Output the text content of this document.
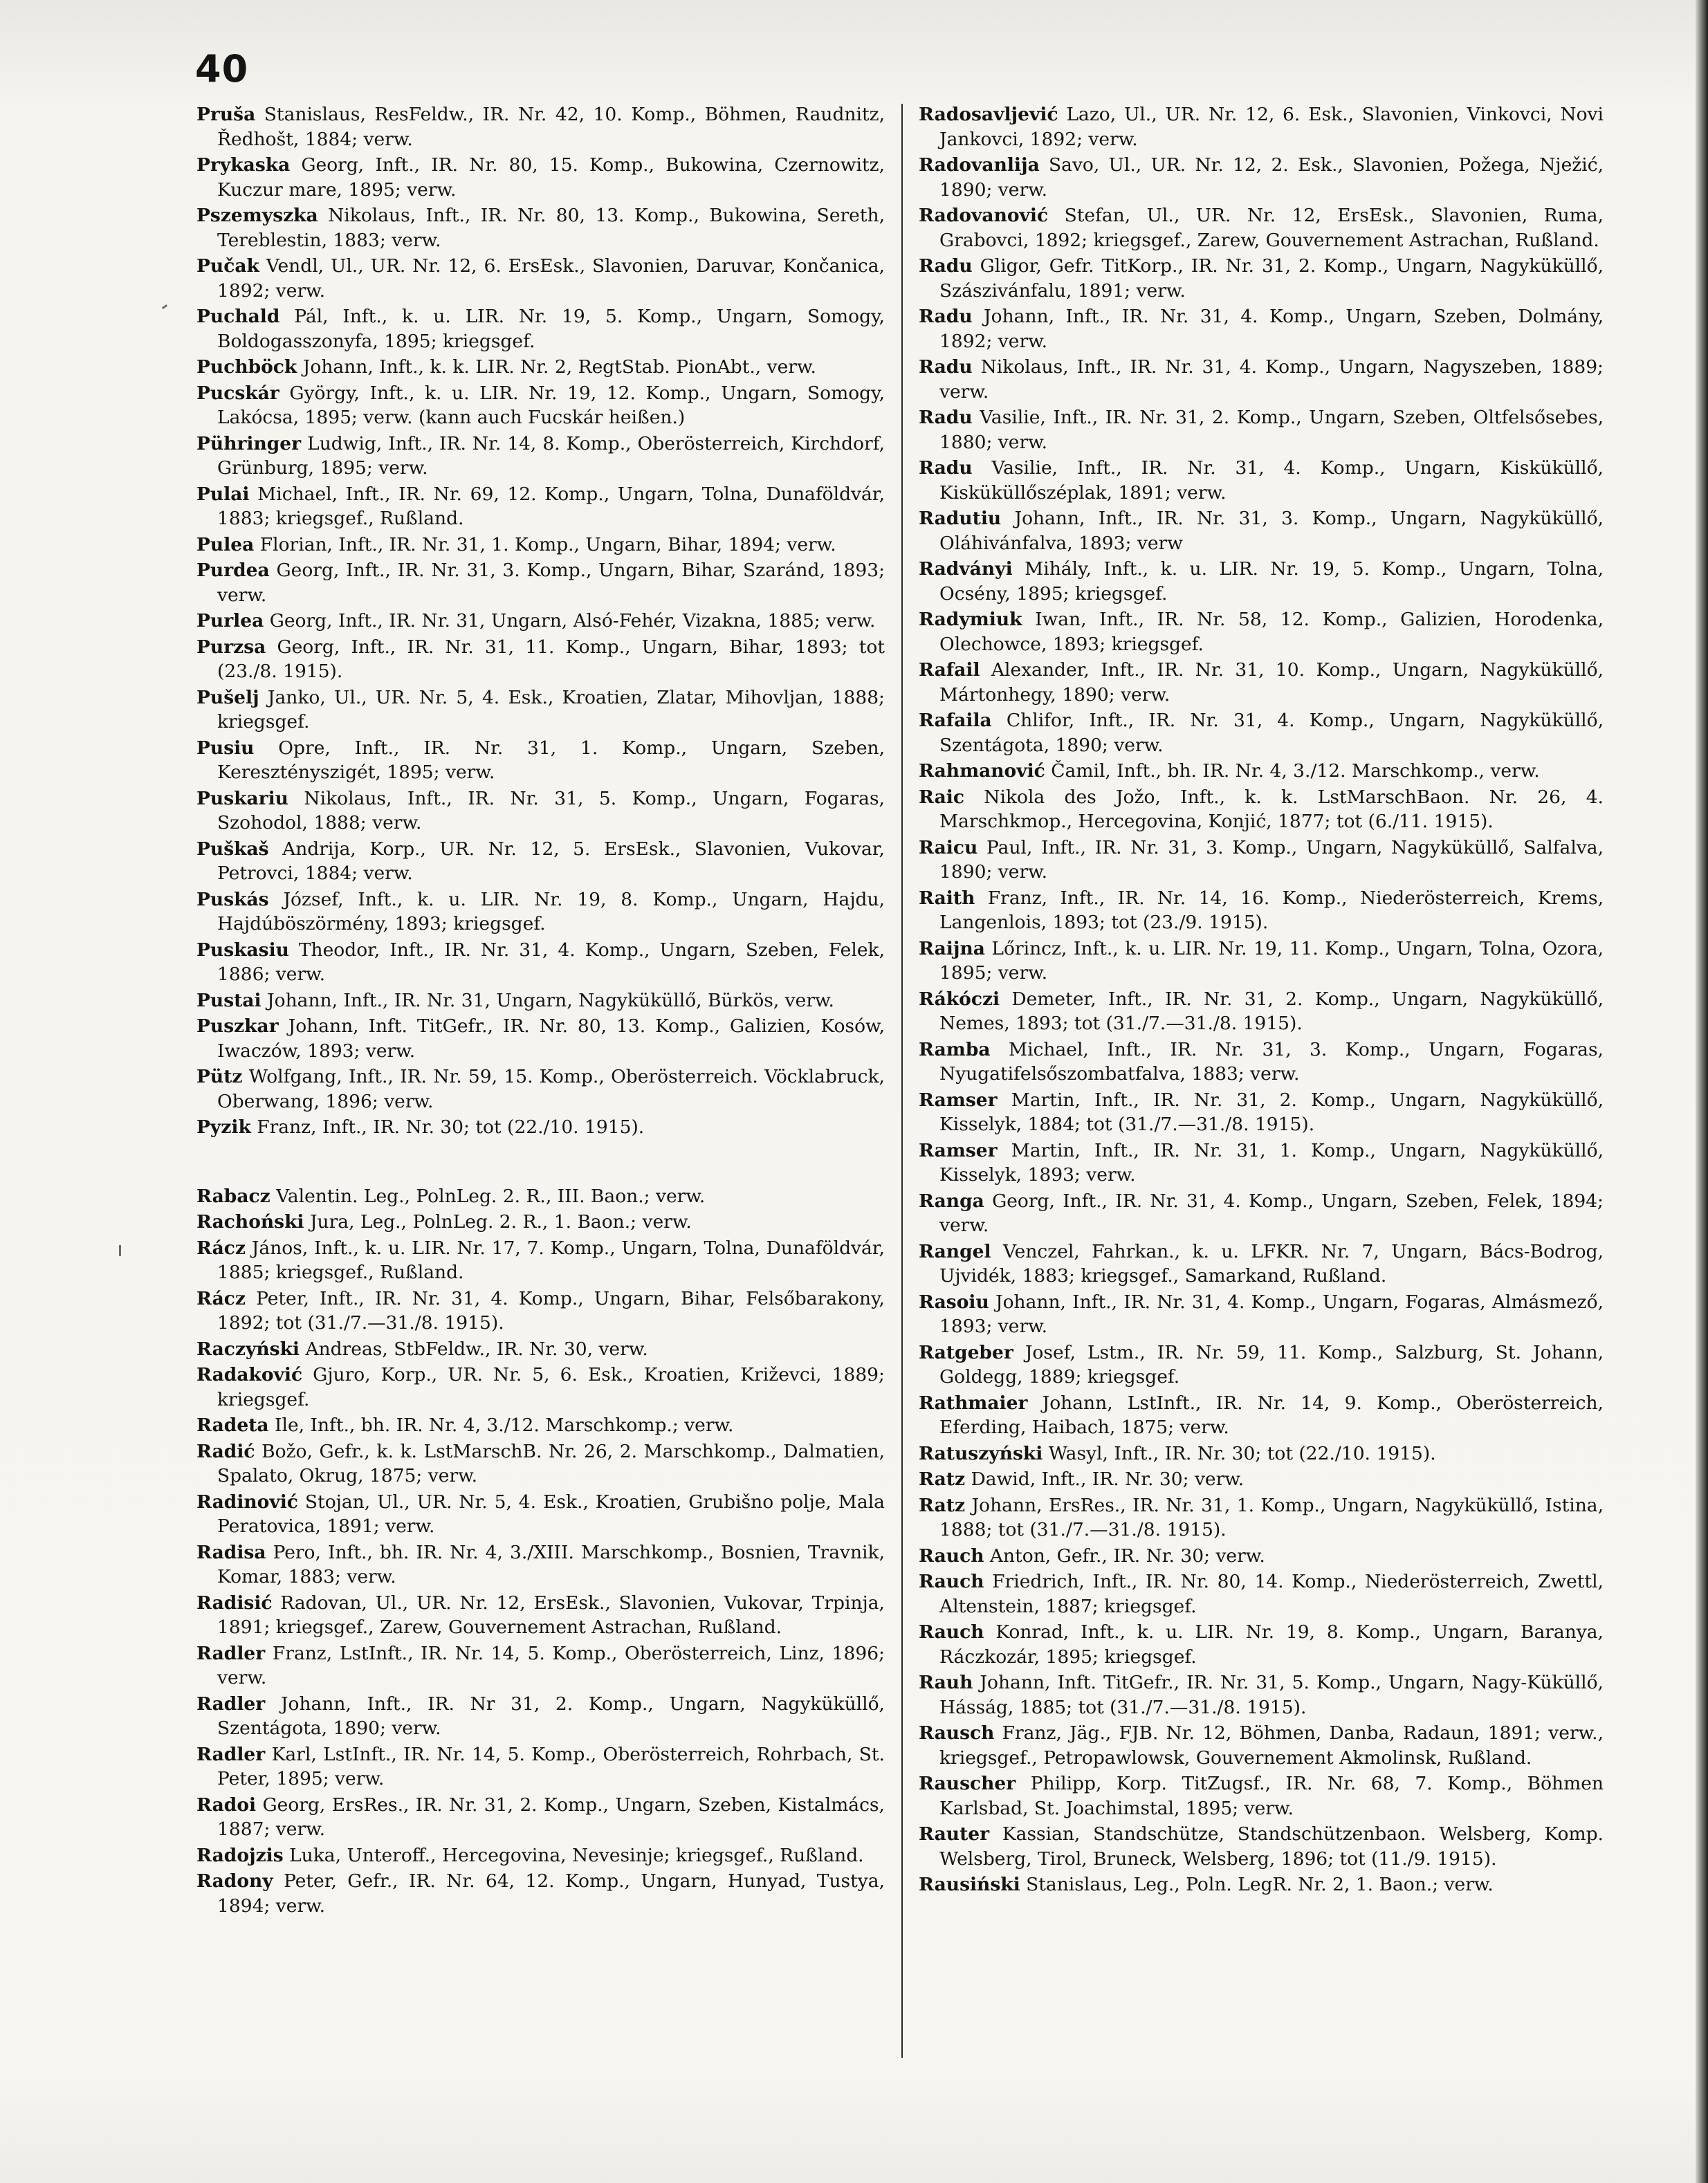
40

Pruša Stanislaus, ResFeldw., IR. Nr. 42, 10. Komp., Böhmen, Raudnitz, Ředhošt, 1884; verw.

Prykaska Georg, Inft., IR. Nr. 80, 15. Komp., Bukowina, Czernowitz, Kuczur mare, 1895; verw.

Pszemyszka Nikolaus, Inft., IR. Nr. 80, 13. Komp., Bukowina, Sereth, Tereblestin, 1883; verw.

Pučak Vendl, Ul., UR. Nr. 12, 6. ErsEsk., Slavonien, Daruvar, Končanica, 1892; verw.

Puchald Pál, Inft., k. u. LIR. Nr. 19, 5. Komp., Ungarn, Somogy, Boldogasszonyfa, 1895; kriegsgef.

Puchböck Johann, Inft., k. k. LIR. Nr. 2, RegtStab. PionAbt., verw.

Pucskár György, Inft., k. u. LIR. Nr. 19, 12. Komp., Ungarn, Somogy, Lakócsa, 1895; verw. (kann auch Fucskár heißen.)

Pühringer Ludwig, Inft., IR. Nr. 14, 8. Komp., Oberösterreich, Kirchdorf, Grünburg, 1895; verw.

Pulai Michael, Inft., IR. Nr. 69, 12. Komp., Ungarn, Tolna, Dunaföldvár, 1883; kriegsgef., Rußland.

Pulea Florian, Inft., IR. Nr. 31, 1. Komp., Ungarn, Bihar, 1894; verw.

Purdea Georg, Inft., IR. Nr. 31, 3. Komp., Ungarn, Bihar, Szaránd, 1893; verw.

Purlea Georg, Inft., IR. Nr. 31, Ungarn, Alsó-Fehér, Vizakna, 1885; verw.

Purzsa Georg, Inft., IR. Nr. 31, 11. Komp., Ungarn, Bihar, 1893; tot (23./8. 1915).

Pušelj Janko, Ul., UR. Nr. 5, 4. Esk., Kroatien, Zlatar, Mihovljan, 1888; kriegsgef.

Pusiu Opre, Inft., IR. Nr. 31, 1. Komp., Ungarn, Szeben, Keresztényszigét, 1895; verw.

Puskariu Nikolaus, Inft., IR. Nr. 31, 5. Komp., Ungarn, Fogaras, Szohodol, 1888; verw.

Puškaš Andrija, Korp., UR. Nr. 12, 5. ErsEsk., Slavonien, Vukovar, Petrovci, 1884; verw.

Puskás József, Inft., k. u. LIR. Nr. 19, 8. Komp., Ungarn, Hajdu, Hajdúböszörmény, 1893; kriegsgef.

Puskasiu Theodor, Inft., IR. Nr. 31, 4. Komp., Ungarn, Szeben, Felek, 1886; verw.

Pustai Johann, Inft., IR. Nr. 31, Ungarn, Nagyküküllő, Bürkös, verw.

Puszkar Johann, Inft. TitGefr., IR. Nr. 80, 13. Komp., Galizien, Kosów, Iwaczów, 1893; verw.

Pütz Wolfgang, Inft., IR. Nr. 59, 15. Komp., Oberösterreich. Vöcklabruck, Oberwang, 1896; verw.

Pyzik Franz, Inft., IR. Nr. 30; tot (22./10. 1915).

Rabacz Valentin. Leg., PolnLeg. 2. R., III. Baon.; verw.

Rachoński Jura, Leg., PolnLeg. 2. R., 1. Baon.; verw.

Rácz János, Inft., k. u. LIR. Nr. 17, 7. Komp., Ungarn, Tolna, Dunaföldvár, 1885; kriegsgef., Rußland.

Rácz Peter, Inft., IR. Nr. 31, 4. Komp., Ungarn, Bihar, Felsőbarakony, 1892; tot (31./7.—31./8. 1915).

Raczyński Andreas, StbFeldw., IR. Nr. 30, verw.

Radaković Gjuro, Korp., UR. Nr. 5, 6. Esk., Kroatien, Križevci, 1889; kriegsgef.

Radeta Ile, Inft., bh. IR. Nr. 4, 3./12. Marschkomp.; verw.

Radić Božo, Gefr., k. k. LstMarschB. Nr. 26, 2. Marschkomp., Dalmatien, Spalato, Okrug, 1875; verw.

Radinović Stojan, Ul., UR. Nr. 5, 4. Esk., Kroatien, Grubišno polje, Mala Peratovica, 1891; verw.

Radisa Pero, Inft., bh. IR. Nr. 4, 3./XIII. Marschkomp., Bosnien, Travnik, Komar, 1883; verw.

Radisić Radovan, Ul., UR. Nr. 12, ErsEsk., Slavonien, Vukovar, Trpinja, 1891; kriegsgef., Zarew, Gouvernement Astrachan, Rußland.

Radler Franz, LstInft., IR. Nr. 14, 5. Komp., Oberösterreich, Linz, 1896; verw.

Radler Johann, Inft., IR. Nr 31, 2. Komp., Ungarn, Nagyküküllő, Szentágota, 1890; verw.

Radler Karl, LstInft., IR. Nr. 14, 5. Komp., Oberösterreich, Rohrbach, St. Peter, 1895; verw.

Radoi Georg, ErsRes., IR. Nr. 31, 2. Komp., Ungarn, Szeben, Kistalmács, 1887; verw.

Radojzis Luka, Unteroff., Hercegovina, Nevesinje; kriegsgef., Rußland.

Radony Peter, Gefr., IR. Nr. 64, 12. Komp., Ungarn, Hunyad, Tustya, 1894; verw.

Radosavljević Lazo, Ul., UR. Nr. 12, 6. Esk., Slavonien, Vinkovci, Novi Jankovci, 1892; verw.

Radovanlija Savo, Ul., UR. Nr. 12, 2. Esk., Slavonien, Požega, Nježić, 1890; verw.

Radovanović Stefan, Ul., UR. Nr. 12, ErsEsk., Slavonien, Ruma, Grabovci, 1892; kriegsgef., Zarew, Gouvernement Astrachan, Rußland.

Radu Gligor, Gefr. TitKorp., IR. Nr. 31, 2. Komp., Ungarn, Nagyküküllő, Szászivánfalu, 1891; verw.

Radu Johann, Inft., IR. Nr. 31, 4. Komp., Ungarn, Szeben, Dolmány, 1892; verw.

Radu Nikolaus, Inft., IR. Nr. 31, 4. Komp., Ungarn, Nagyszeben, 1889; verw.

Radu Vasilie, Inft., IR. Nr. 31, 2. Komp., Ungarn, Szeben, Oltfelsősebes, 1880; verw.

Radu Vasilie, Inft., IR. Nr. 31, 4. Komp., Ungarn, Kisküküllő, Kisküküllőszéplak, 1891; verw.

Radutiu Johann, Inft., IR. Nr. 31, 3. Komp., Ungarn, Nagyküküllő, Oláhivánfalva, 1893; verw

Radványi Mihály, Inft., k. u. LIR. Nr. 19, 5. Komp., Ungarn, Tolna, Ocsény, 1895; kriegsgef.

Radymiuk Iwan, Inft., IR. Nr. 58, 12. Komp., Galizien, Horodenka, Olechowce, 1893; kriegsgef.

Rafail Alexander, Inft., IR. Nr. 31, 10. Komp., Ungarn, Nagyküküllő, Mártonhegy, 1890; verw.

Rafaila Chlifor, Inft., IR. Nr. 31, 4. Komp., Ungarn, Nagyküküllő, Szentágota, 1890; verw.

Rahmanović Čamil, Inft., bh. IR. Nr. 4, 3./12. Marschkomp., verw.

Raic Nikola des Jožo, Inft., k. k. LstMarschBaon. Nr. 26, 4. Marschkmop., Hercegovina, Konjić, 1877; tot (6./11. 1915).

Raicu Paul, Inft., IR. Nr. 31, 3. Komp., Ungarn, Nagyküküllő, Salfalva, 1890; verw.

Raith Franz, Inft., IR. Nr. 14, 16. Komp., Niederösterreich, Krems, Langenlois, 1893; tot (23./9. 1915).

Raijna Lőrincz, Inft., k. u. LIR. Nr. 19, 11. Komp., Ungarn, Tolna, Ozora, 1895; verw.

Rákóczi Demeter, Inft., IR. Nr. 31, 2. Komp., Ungarn, Nagyküküllő, Nemes, 1893; tot (31./7.—31./8. 1915).

Ramba Michael, Inft., IR. Nr. 31, 3. Komp., Ungarn, Fogaras, Nyugatifelsőszombatfalva, 1883; verw.

Ramser Martin, Inft., IR. Nr. 31, 2. Komp., Ungarn, Nagyküküllő, Kisselyk, 1884; tot (31./7.—31./8. 1915).

Ramser Martin, Inft., IR. Nr. 31, 1. Komp., Ungarn, Nagyküküllő, Kisselyk, 1893; verw.

Ranga Georg, Inft., IR. Nr. 31, 4. Komp., Ungarn, Szeben, Felek, 1894; verw.

Rangel Venczel, Fahrkan., k. u. LFKR. Nr. 7, Ungarn, Bács-Bodrog, Ujvidék, 1883; kriegsgef., Samarkand, Rußland.

Rasoiu Johann, Inft., IR. Nr. 31, 4. Komp., Ungarn, Fogaras, Almásmező, 1893; verw.

Ratgeber Josef, Lstm., IR. Nr. 59, 11. Komp., Salzburg, St. Johann, Goldegg, 1889; kriegsgef.

Rathmaier Johann, LstInft., IR. Nr. 14, 9. Komp., Oberösterreich, Eferding, Haibach, 1875; verw.

Ratuszyński Wasyl, Inft., IR. Nr. 30; tot (22./10. 1915).

Ratz Dawid, Inft., IR. Nr. 30; verw.

Ratz Johann, ErsRes., IR. Nr. 31, 1. Komp., Ungarn, Nagyküküllő, Istina, 1888; tot (31./7.—31./8. 1915).

Rauch Anton, Gefr., IR. Nr. 30; verw.

Rauch Friedrich, Inft., IR. Nr. 80, 14. Komp., Niederösterreich, Zwettl, Altenstein, 1887; kriegsgef.

Rauch Konrad, Inft., k. u. LIR. Nr. 19, 8. Komp., Ungarn, Baranya, Ráczkozár, 1895; kriegsgef.

Rauh Johann, Inft. TitGefr., IR. Nr. 31, 5. Komp., Ungarn, Nagy-Küküllő, Hásság, 1885; tot (31./7.—31./8. 1915).

Rausch Franz, Jäg., FJB. Nr. 12, Böhmen, Danba, Radaun, 1891; verw., kriegsgef., Petropawlowsk, Gouvernement Akmolinsk, Rußland.

Rauscher Philipp, Korp. TitZugsf., IR. Nr. 68, 7. Komp., Böhmen Karlsbad, St. Joachimstal, 1895; verw.

Rauter Kassian, Standschütze, Standschützenbaon. Welsberg, Komp. Welsberg, Tirol, Bruneck, Welsberg, 1896; tot (11./9. 1915).

Rausiński Stanislaus, Leg., Poln. LegR. Nr. 2, 1. Baon.; verw.
